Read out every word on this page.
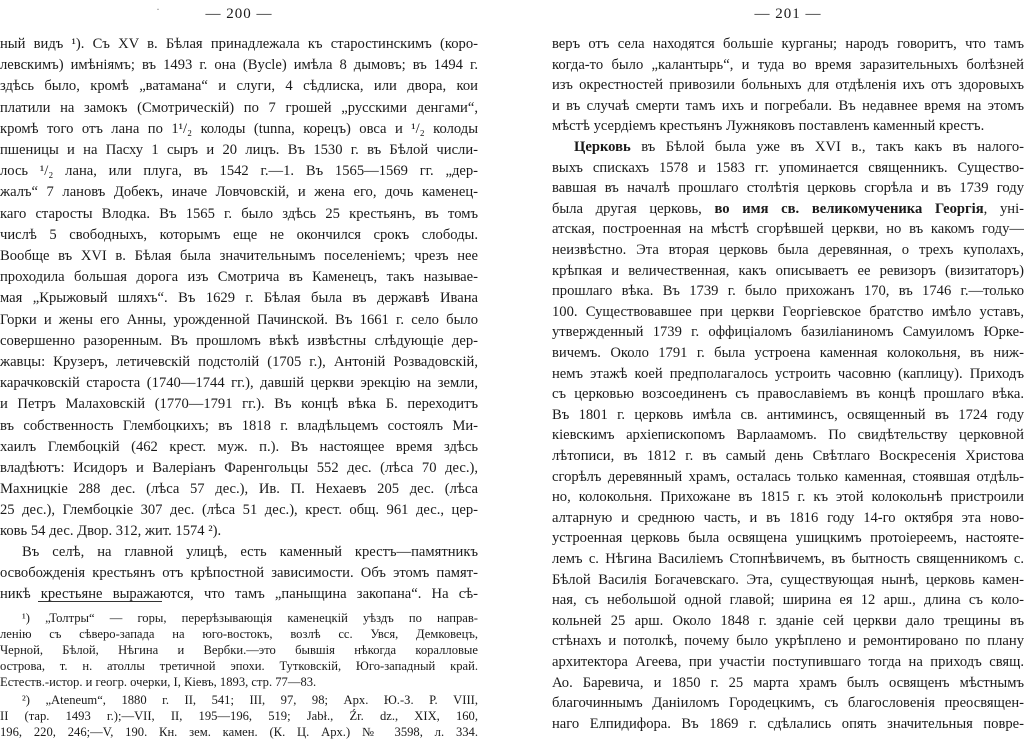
— 200 —
·
ный видъ ¹). Съ XV в. Бѣлая принадлежала къ старостинскимъ (коро-
левскимъ) имѣніямъ; въ 1493 г. она (Bycle) имѣла 8 дымовъ; въ 1494 г.
здѣсь было, кромѣ „ватамана“ и слуги, 4 сѣдлиска, или двора, кои
платили на замокъ (Смотрическій) по 7 грошей „русскими денгами“,
кромѣ того отъ лана по 1¹/₂ колоды (tunna, корецъ) овса и ¹/₂ колоды
пшеницы и на Пасху 1 сыръ и 20 лицъ. Въ 1530 г. въ Бѣлой числи-
лось ¹/₂ лана, или плуга, въ 1542 г.—1. Въ 1565—1569 гг. „дер-
жалъ“ 7 лановъ Добекъ, иначе Ловчовскій, и жена его, дочь каменец-
каго старосты Влодка. Въ 1565 г. было здѣсь 25 крестьянъ, въ томъ
числѣ 5 свободныхъ, которымъ еще не окончился срокъ слободы.
Вообще въ XVI в. Бѣлая была значительнымъ поселеніемъ; чрезъ нее
проходила большая дорога изъ Смотрича въ Каменецъ, такъ называе-
мая „Крыжовый шляхъ“. Въ 1629 г. Бѣлая была въ державѣ Ивана
Горки и жены его Анны, урожденной Пачинской. Въ 1661 г. село было
совершенно разоренным. Въ прошломъ вѣкѣ извѣстны слѣдующіе дер-
жавцы: Крузеръ, летичевскій подстолій (1705 г.), Антоній Розвадовскій,
карачковскій староста (1740—1744 гг.), давшій церкви эрекцію на земли,
и Петръ Малаховскій (1770—1791 гг.). Въ концѣ вѣка Б. переходитъ
въ собственность Глембоцкихъ; въ 1818 г. владѣльцемъ состоялъ Ми-
хаилъ Глембоцкій (462 крест. муж. п.). Въ настоящее время здѣсь
владѣютъ: Исидоръ и Валеріанъ Фаренгольцы 552 дес. (лѣса 70 дес.),
Махницкіе 288 дес. (лѣса 57 дес.), Ив. П. Нехаевъ 205 дес. (лѣса
25 дес.), Глембоцкіе 307 дес. (лѣса 51 дес.), крест. общ. 961 дес., цер-
ковь 54 дес. Двор. 312, жит. 1574 ²).
Въ селѣ, на главной улицѣ, есть каменный крестъ—памятникъ
освобожденія крестьянъ отъ крѣпостной зависимости. Объ этомъ памят-
никѣ крестьяне выражаются, что тамъ „паныщина закопана“. На сѣ-
¹) „Толтры“ — горы, перерѣзывающія каменецкій уѣздъ по направ-
ленію съ сѣверо-запада на юго-востокъ, возлѣ сс. Увся, Демковецъ,
Черной, Бѣлой, Нѣгина и Вербки.—это бывшія нѣкогда коралловые
острова, т. н. атоллы третичной эпохи. Тутковскій, Юго-западный край.
Естеств.-истор. и геогр. очерки, I, Кіевъ, 1893, стр. 77—83.
²) „Ateneum“, 1880 г. II, 541; III, 97, 98; Арх. Ю.-З. Р. VIII,
II (тар. 1493 г.);—VII, II, 195—196, 519; Jabł., Źr. dz., XIX, 160,
196, 220, 246;—V, 190. Кн. зем. камен. (К. Ц. Арх.) № 3598, л. 334.
— 201 —
веръ отъ села находятся большіе курганы; народъ говоритъ, что тамъ
когда-то было „калантырь“, и туда во время заразительныхъ болѣзней
изъ окрестностей привозили больныхъ для отдѣленія ихъ отъ здоровыхъ
и въ случаѣ смерти тамъ ихъ и погребали. Въ недавнее время на этомъ
мѣстѣ усердіемъ крестьянъ Лужняковъ поставленъ каменный крестъ.
Церковь въ Бѣлой была уже въ XVI в., такъ какъ въ налого-
выхъ спискахъ 1578 и 1583 гг. упоминается священникъ. Существо-
вавшая въ началѣ прошлаго столѣтія церковь сгорѣла и въ 1739 году
была другая церковь, во имя св. великомученика Георгія, уні-
атская, построенная на мѣстѣ сгорѣвшей церкви, но въ какомъ году—
неизвѣстно. Эта вторая церковь была деревянная, о трехъ куполахъ,
крѣпкая и величественная, какъ описываетъ ее ревизоръ (визитаторъ)
прошлаго вѣка. Въ 1739 г. было прихожанъ 170, въ 1746 г.—только
100. Существовавшее при церкви Георгіевское братство имѣло уставъ,
утвержденный 1739 г. оффиціаломъ базиліаниномъ Самуиломъ Юрке-
вичемъ. Около 1791 г. была устроена каменная колокольня, въ ниж-
немъ этажѣ коей предполагалось устроить часовню (каплицу). Приходъ
съ церковью возсоединенъ съ православіемъ въ концѣ прошлаго вѣка.
Въ 1801 г. церковь имѣла св. антиминсъ, освященный въ 1724 году
кіевскимъ архіепископомъ Варлаамомъ. По свидѣтельству церковной
лѣтописи, въ 1812 г. въ самый день Свѣтлаго Воскресенія Христова
сгорѣлъ деревянный храмъ, осталась только каменная, стоявшая отдѣль-
но, колокольня. Прихожане въ 1815 г. къ этой колокольнѣ пристроили
алтарную и среднюю часть, и въ 1816 году 14-го октября эта ново-
устроенная церковь была освящена ушицкимъ протоіереемъ, настоятe-
лемъ с. Нѣгина Василіемъ Стопнѣвичемъ, въ бытность священникомъ с.
Бѣлой Василія Богачевскаго. Эта, существующая нынѣ, церковь камен-
ная, съ небольшой одной главой; ширина ея 12 арш., длина съ коло-
кольней 25 арш. Около 1848 г. зданіе сей церкви дало трещины въ
стѣнахъ и потолкѣ, почему было укрѣплено и ремонтировано по плану
архитектора Агеева, при участіи поступившаго тогда на приходъ свящ.
Ао. Баревича, и 1850 г. 25 марта храмъ былъ освященъ мѣстнымъ
благочиннымъ Даніиломъ Городецкимъ, съ благословенія преосвящен-
наго Елпидифора. Въ 1869 г. сдѣлались опять значительныя повре-
